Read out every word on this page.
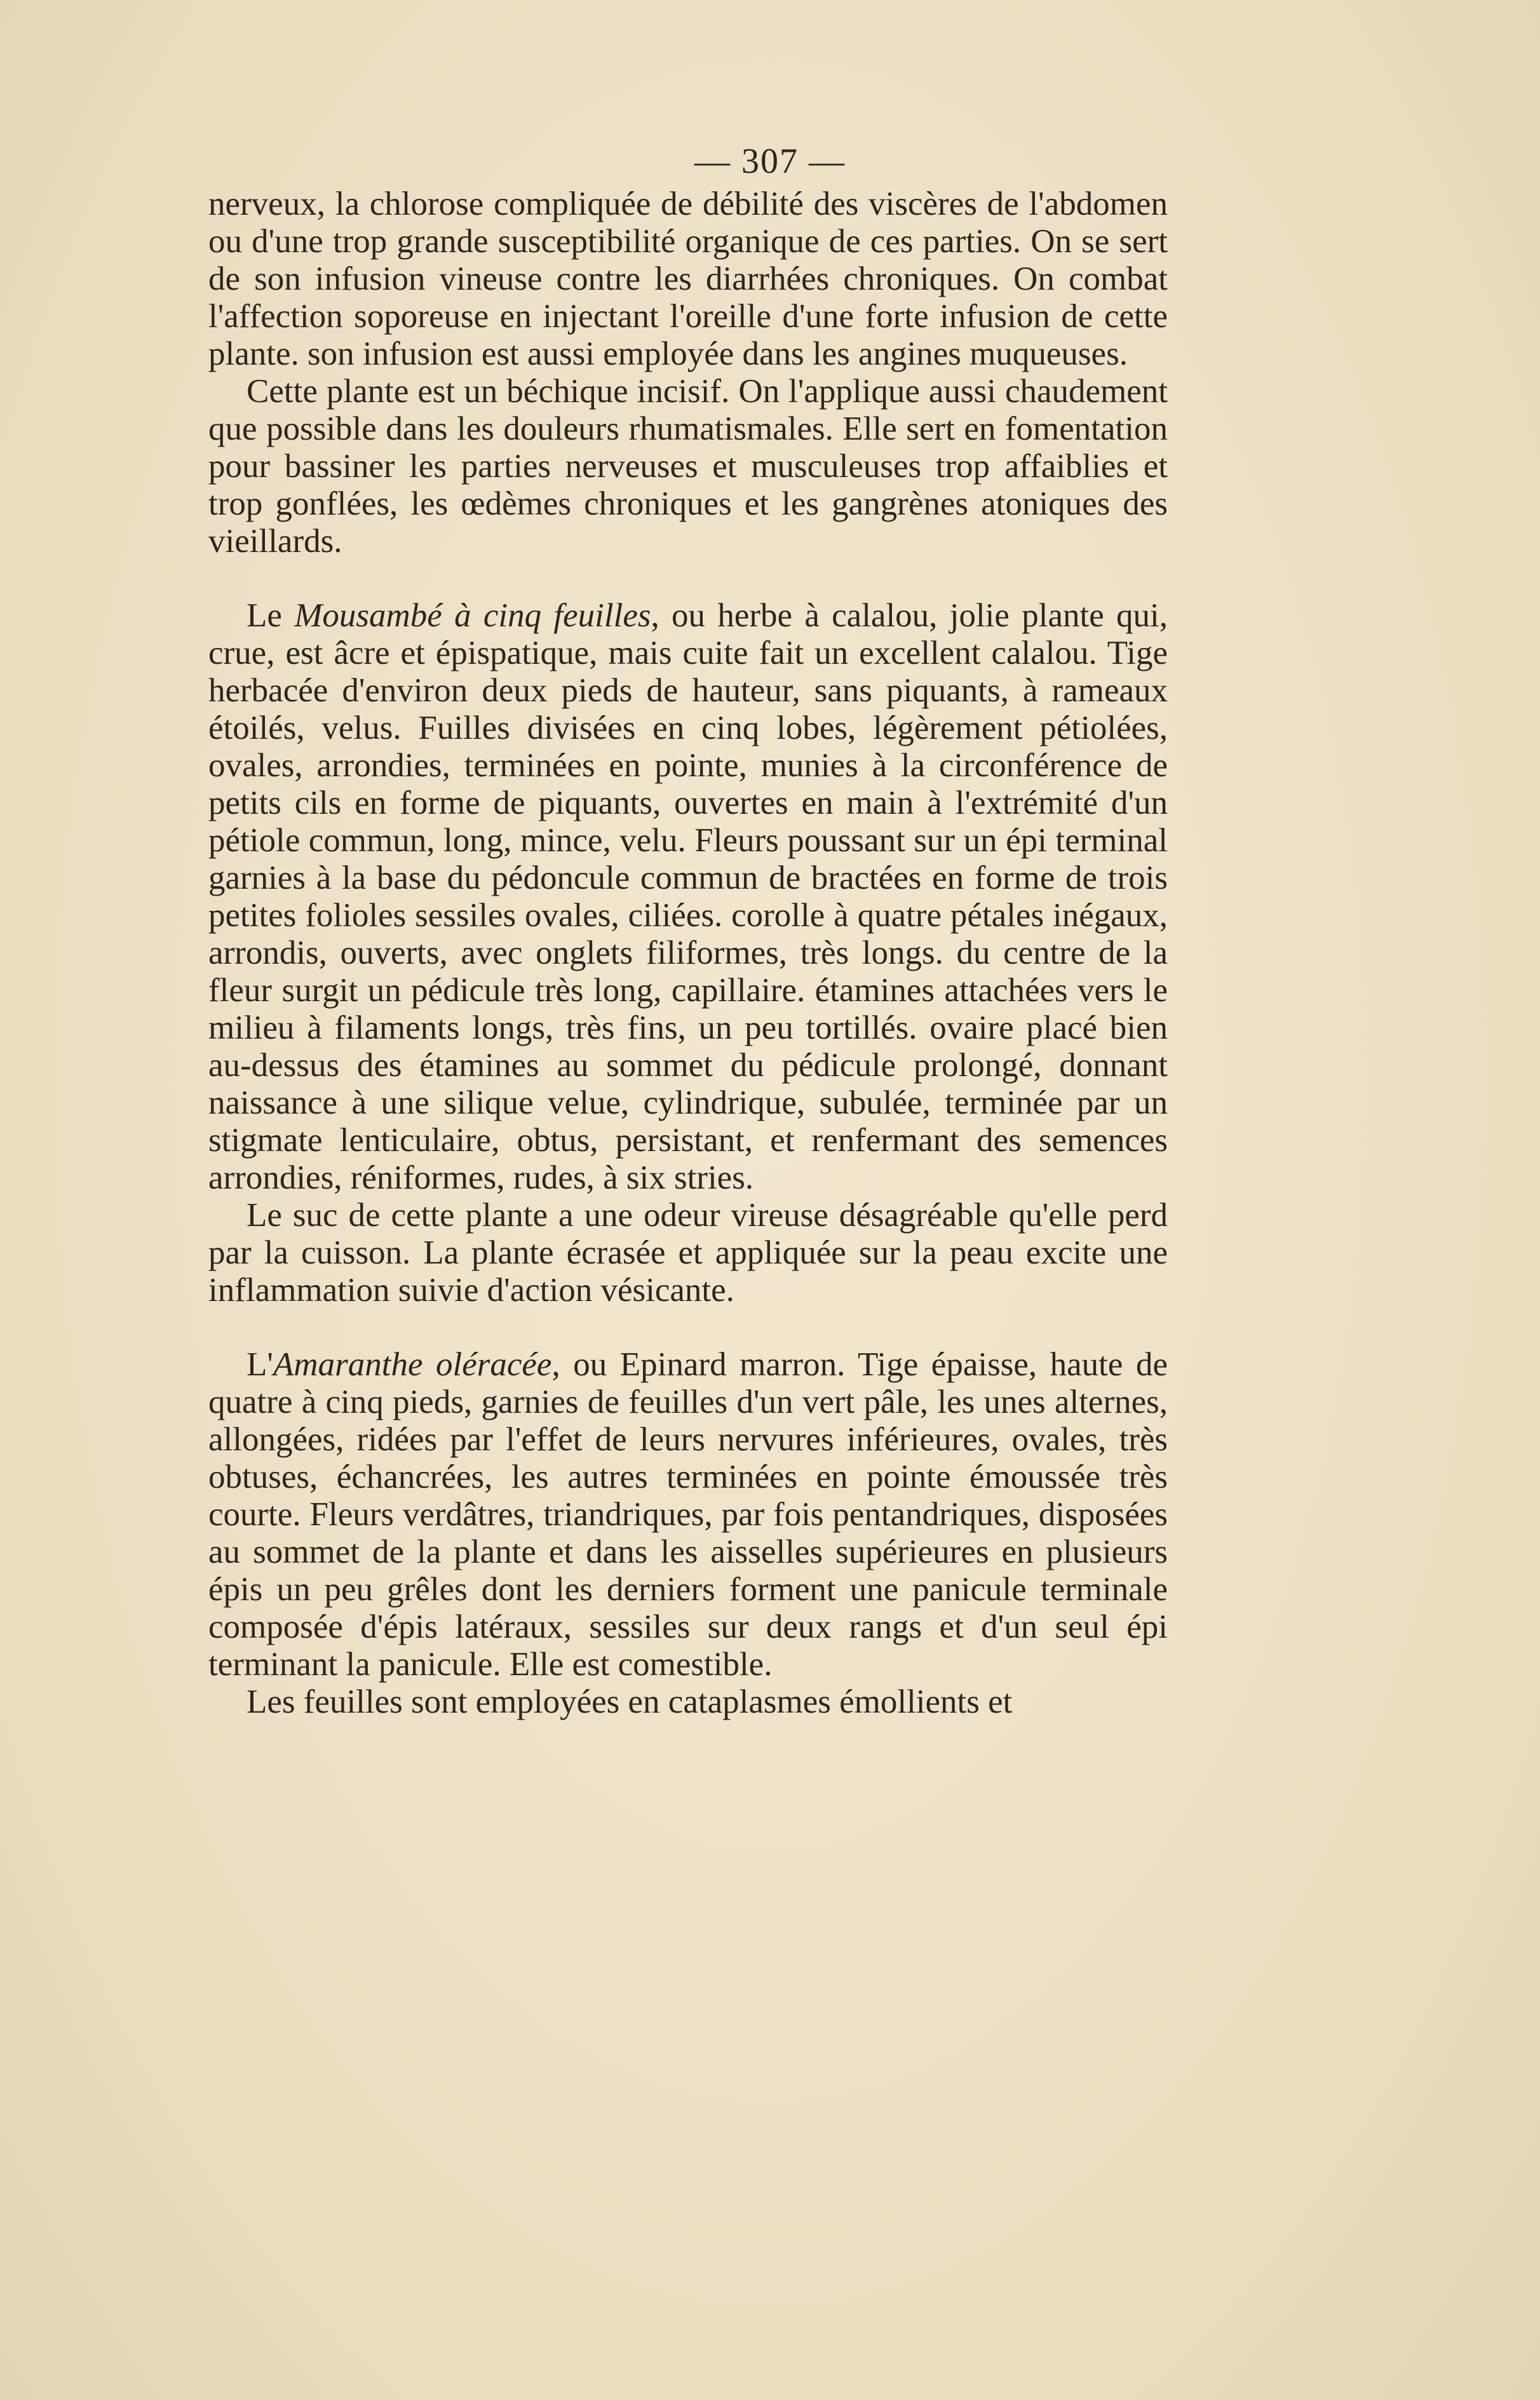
— 307 —

nerveux, la chlorose compliquée de débilité des viscères de l'abdomen ou d'une trop grande susceptibilité organique de ces parties. On se sert de son infusion vineuse contre les diarrhées chroniques. On combat l'affection soporeuse en injectant l'oreille d'une forte infusion de cette plante. son infusion est aussi employée dans les angines muqueuses.

Cette plante est un béchique incisif. On l'applique aussi chaudement que possible dans les douleurs rhumatismales. Elle sert en fomentation pour bassiner les parties nerveuses et musculeuses trop affaiblies et trop gonflées, les œdèmes chroniques et les gangrènes atoniques des vieillards.

Le Mousambé à cinq feuilles, ou herbe à calalou, jolie plante qui, crue, est âcre et épispatique, mais cuite fait un excellent calalou. Tige herbacée d'environ deux pieds de hauteur, sans piquants, à rameaux étoilés, velus. Fuilles divisées en cinq lobes, légèrement pétiolées, ovales, arrondies, terminées en pointe, munies à la circonférence de petits cils en forme de piquants, ouvertes en main à l'extrémité d'un pétiole commun, long, mince, velu. Fleurs poussant sur un épi terminal garnies à la base du pédoncule commun de bractées en forme de trois petites folioles sessiles ovales, ciliées. corolle à quatre pétales inégaux, arrondis, ouverts, avec onglets filiformes, très longs. du centre de la fleur surgit un pédicule très long, capillaire. étamines attachées vers le milieu à filaments longs, très fins, un peu tortillés. ovaire placé bien au-dessus des étamines au sommet du pédicule prolongé, donnant naissance à une silique velue, cylindrique, subulée, terminée par un stigmate lenticulaire, obtus, persistant, et renfermant des semences arrondies, réniformes, rudes, à six stries.

Le suc de cette plante a une odeur vireuse désagréable qu'elle perd par la cuisson. La plante écrasée et appliquée sur la peau excite une inflammation suivie d'action vésicante.

L'Amaranthe oléracée, ou Epinard marron. Tige épaisse, haute de quatre à cinq pieds, garnies de feuilles d'un vert pâle, les unes alternes, allongées, ridées par l'effet de leurs nervures inférieures, ovales, très obtuses, échancrées, les autres terminées en pointe émoussée très courte. Fleurs verdâtres, triandriques, par fois pentandriques, disposées au sommet de la plante et dans les aisselles supérieures en plusieurs épis un peu grêles dont les derniers forment une panicule terminale composée d'épis latéraux, sessiles sur deux rangs et d'un seul épi terminant la panicule. Elle est comestible.

Les feuilles sont employées en cataplasmes émollients et
